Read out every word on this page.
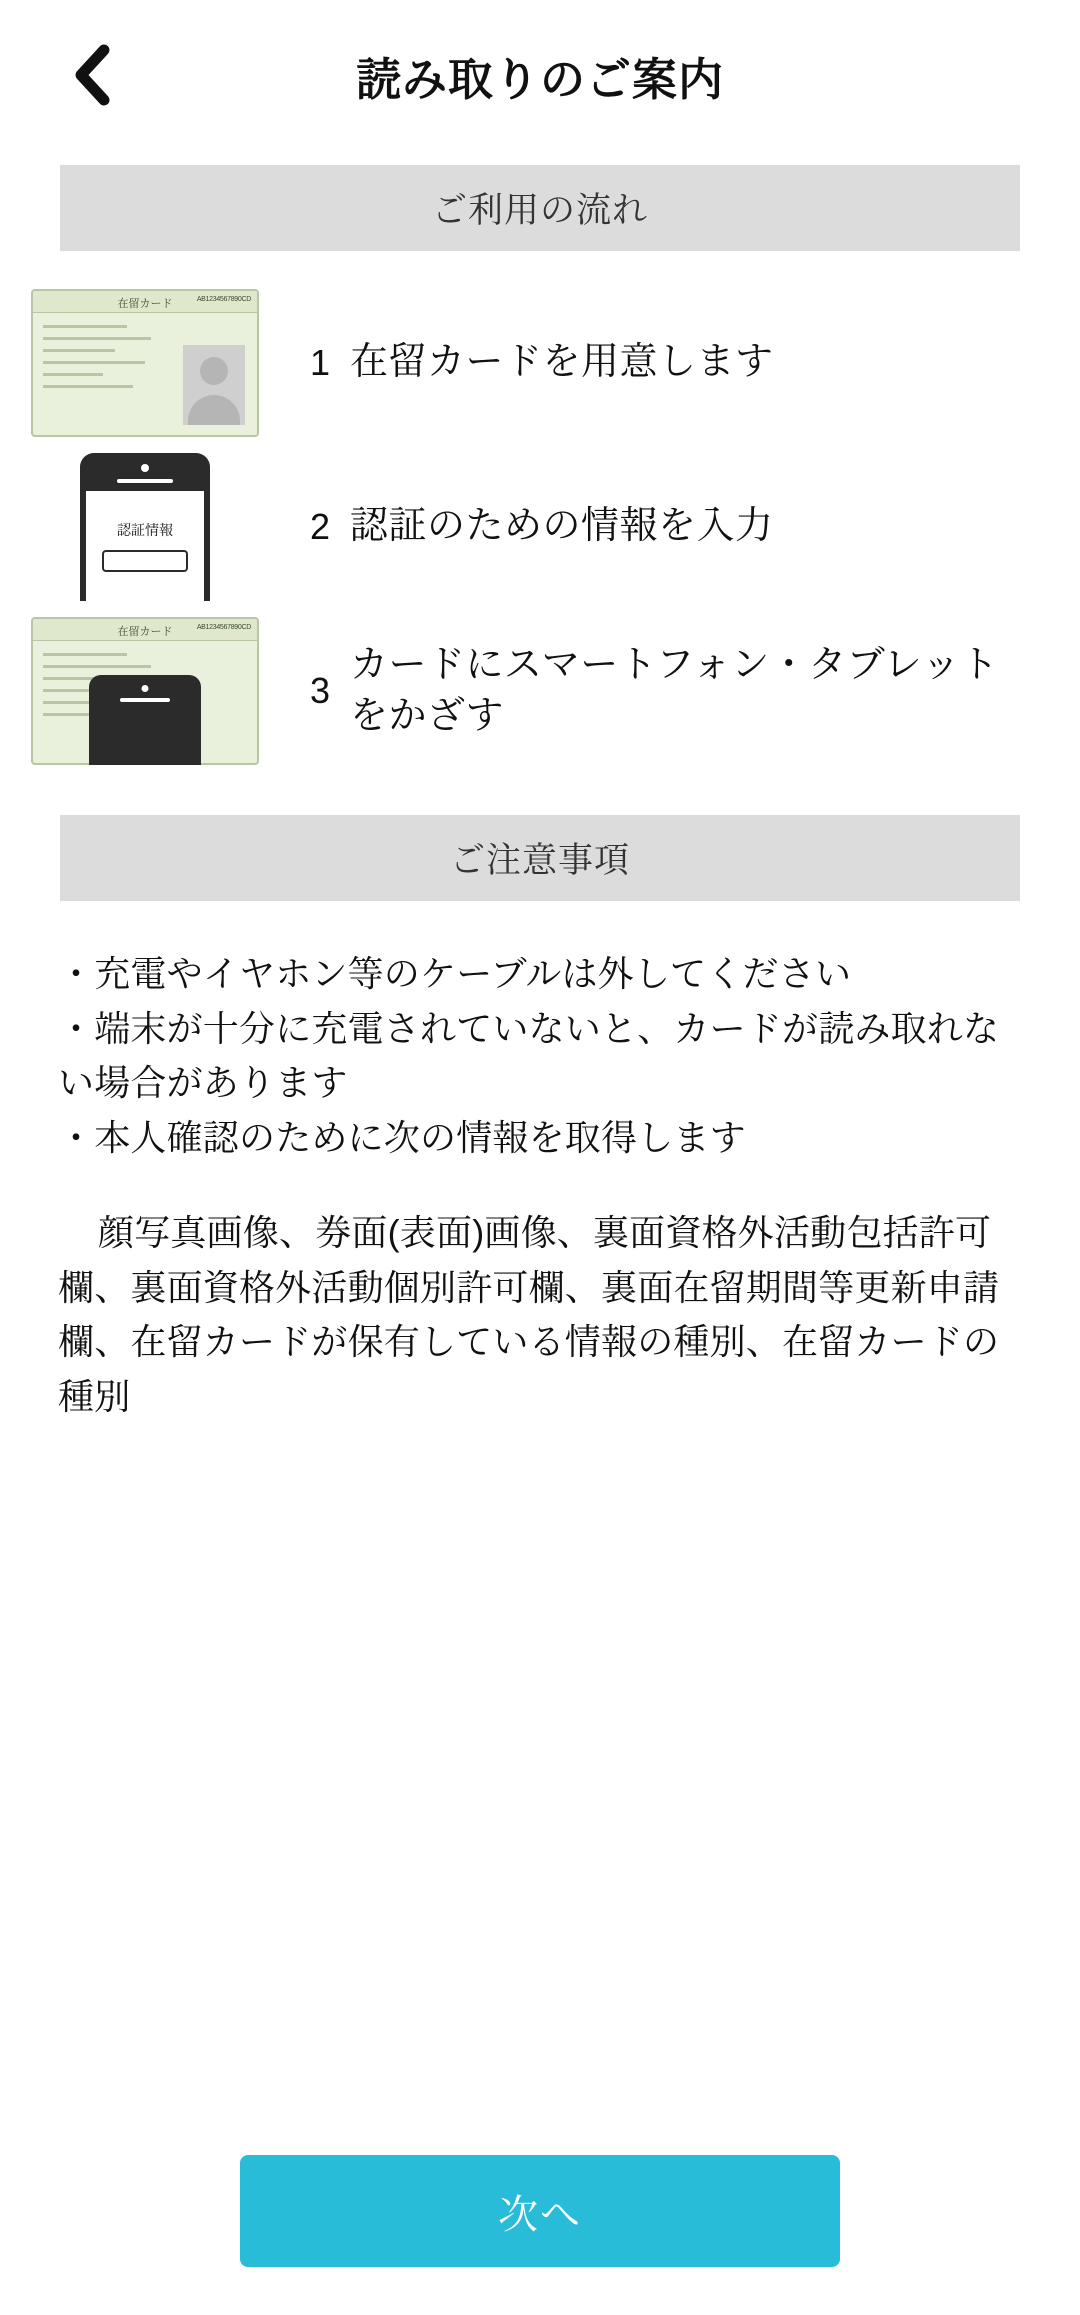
読み取りのご案内
ご利用の流れ
在留カード	AB1234567890CD
1 在留カードを用意します
認証情報	2 認証のための情報を入力
在留カード	AB1234567890CD
3
カードにスマートフォン・タブレットをかざす
ご注意事項

・充電やイヤホン等のケーブルは外してください

・端末が十分に充電されていないと、カードが読み取れない場合があります

・本人確認のために次の情報を取得します

顔写真画像、券面(表面)画像、裏面資格外活動包括許可欄、裏面資格外活動個別許可欄、裏面在留期間等更新申請欄、在留カードが保有している情報の種別、在留カードの種別

次へ
